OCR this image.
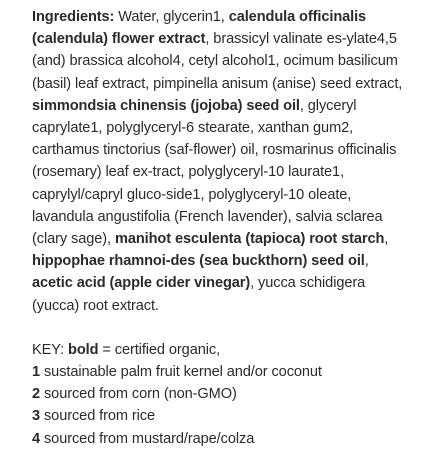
Ingredients: Water, glycerin1, calendula officinalis (calendula) flower extract, brassicyl valinate es-ylate4,5 (and) brassica alcohol4, cetyl alcohol1, ocimum basilicum (basil) leaf extract, pimpinella anisum (anise) seed extract, simmondsia chinensis (jojoba) seed oil, glyceryl caprylate1, polyglyceryl-6 stearate, xanthan gum2, carthamus tinctorius (saf-flower) oil, rosmarinus officinalis (rosemary) leaf ex-tract, polyglyceryl-10 laurate1, caprylyl/capryl gluco-side1, polyglyceryl-10 oleate, lavandula angustifolia (French lavender), salvia sclarea (clary sage), manihot esculenta (tapioca) root starch, hippophae rhamnoi-des (sea buckthorn) seed oil, acetic acid (apple cider vinegar), yucca schidigera (yucca) root extract.

KEY: bold = certified organic,
1 sustainable palm fruit kernel and/or coconut
2 sourced from corn (non-GMO)
3 sourced from rice
4 sourced from mustard/rape/colza
